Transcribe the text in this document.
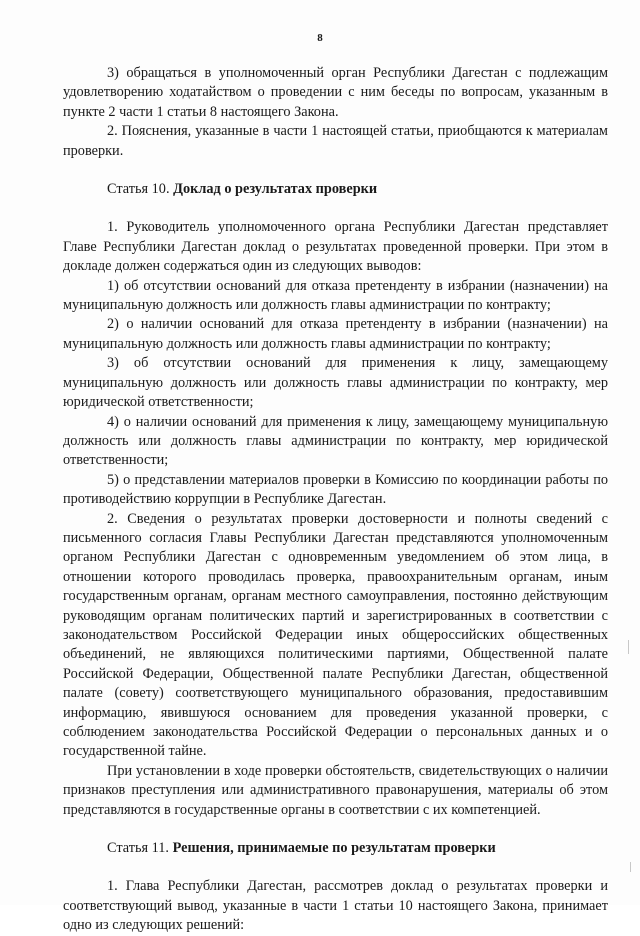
8

3) обращаться в уполномоченный орган Республики Дагестан с подлежащим удовлетворению ходатайством о проведении с ним беседы по вопросам, указанным в пункте 2 части 1 статьи 8 настоящего Закона.

2. Пояснения, указанные в части 1 настоящей статьи, приобщаются к материалам проверки.

Статья 10. Доклад о результатах проверки

1. Руководитель уполномоченного органа Республики Дагестан представляет Главе Республики Дагестан доклад о результатах проведенной проверки. При этом в докладе должен содержаться один из следующих выводов:

1) об отсутствии оснований для отказа претенденту в избрании (назначении) на муниципальную должность или должность главы администрации по контракту;

2) о наличии оснований для отказа претенденту в избрании (назначении) на муниципальную должность или должность главы администрации по контракту;

3) об отсутствии оснований для применения к лицу, замещающему муниципальную должность или должность главы администрации по контракту, мер юридической ответственности;

4) о наличии оснований для применения к лицу, замещающему муниципальную должность или должность главы администрации по контракту, мер юридической ответственности;

5) о представлении материалов проверки в Комиссию по координации работы по противодействию коррупции в Республике Дагестан.

2. Сведения о результатах проверки достоверности и полноты сведений с письменного согласия Главы Республики Дагестан представляются уполномоченным органом Республики Дагестан с одновременным уведомлением об этом лица, в отношении которого проводилась проверка, правоохранительным органам, иным государственным органам, органам местного самоуправления, постоянно действующим руководящим органам политических партий и зарегистрированных в соответствии с законодательством Российской Федерации иных общероссийских общественных объединений, не являющихся политическими партиями, Общественной палате Российской Федерации, Общественной палате Республики Дагестан, общественной палате (совету) соответствующего муниципального образования, предоставившим информацию, явившуюся основанием для проведения указанной проверки, с соблюдением законодательства Российской Федерации о персональных данных и о государственной тайне.

При установлении в ходе проверки обстоятельств, свидетельствующих о наличии признаков преступления или административного правонарушения, материалы об этом представляются в государственные органы в соответствии с их компетенцией.

Статья 11. Решения, принимаемые по результатам проверки

1. Глава Республики Дагестан, рассмотрев доклад о результатах проверки и соответствующий вывод, указанные в части 1 статьи 10 настоящего Закона, принимает одно из следующих решений:
